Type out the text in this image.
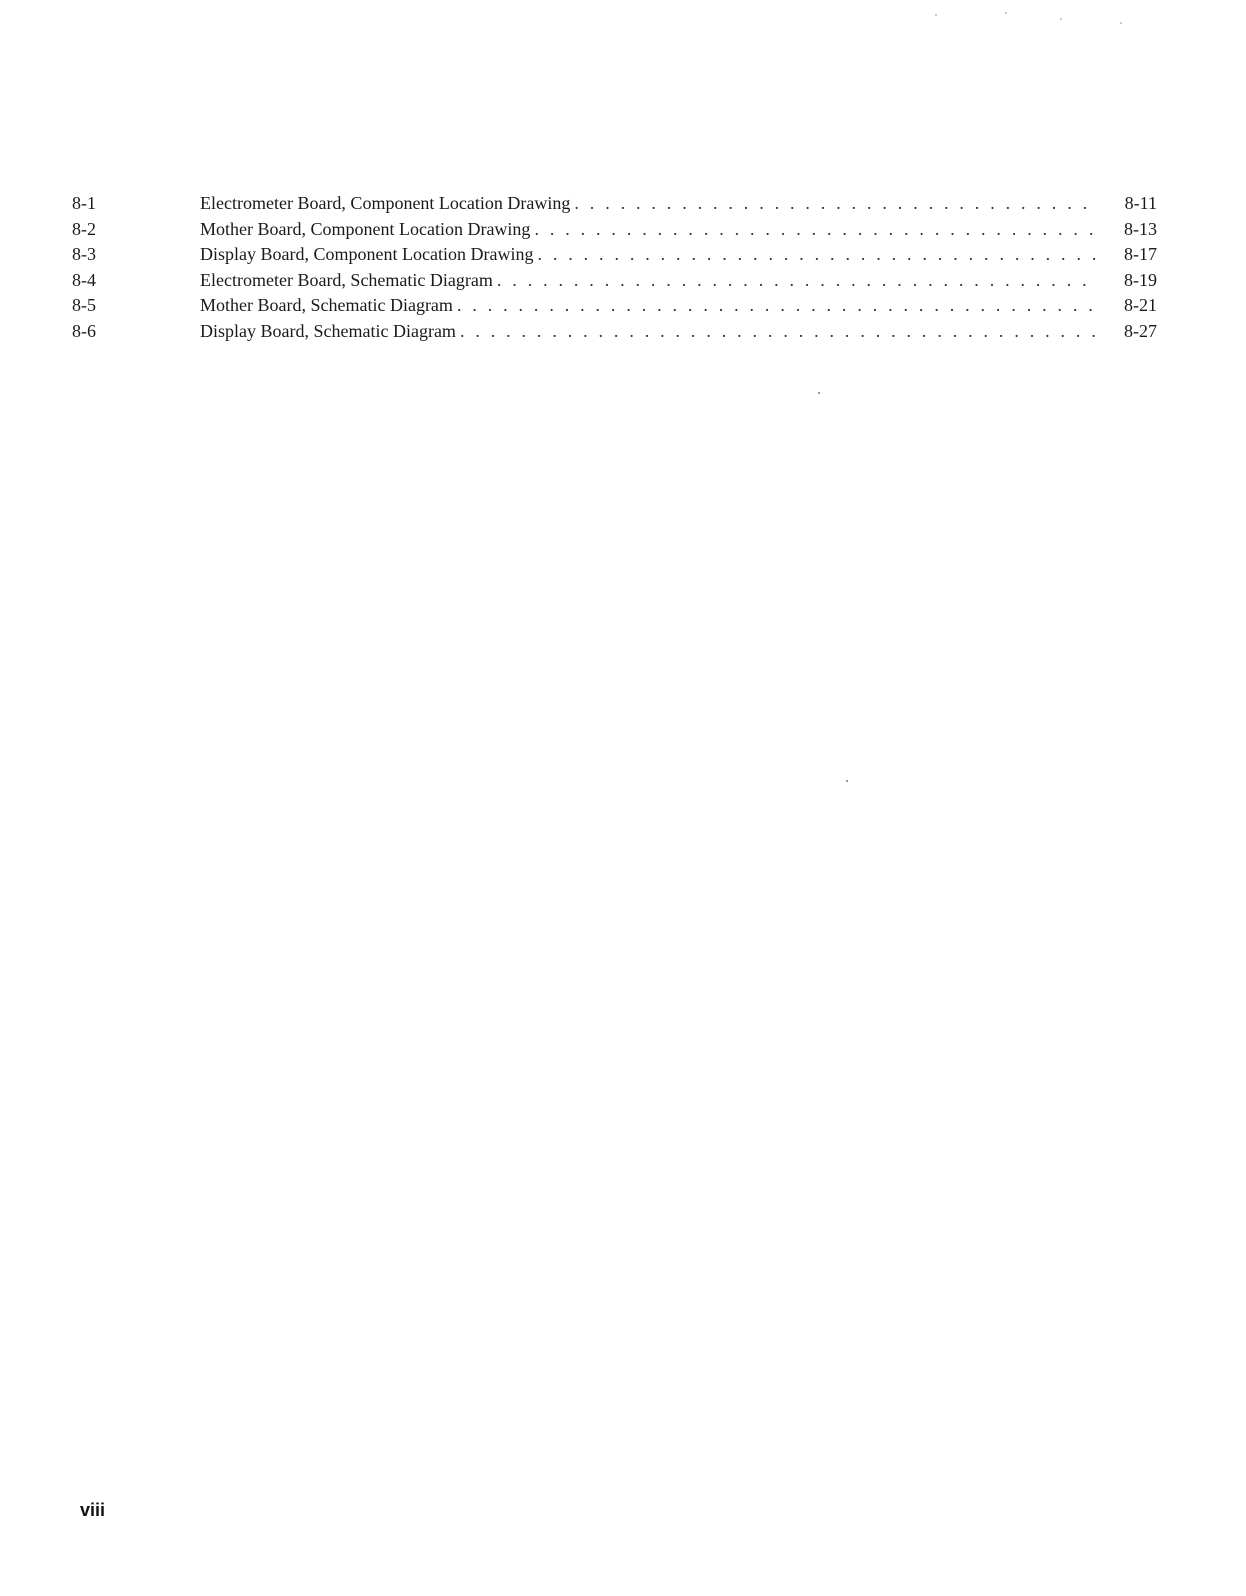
8-1	Electrometer Board, Component Location Drawing . . .	8-11
8-2	Mother Board, Component Location Drawing . . .	8-13
8-3	Display Board, Component Location Drawing . . .	8-17
8-4	Electrometer Board, Schematic Diagram . . .	8-19
8-5	Mother Board, Schematic Diagram . . .	8-21
8-6	Display Board, Schematic Diagram . . .	8-27
viii
